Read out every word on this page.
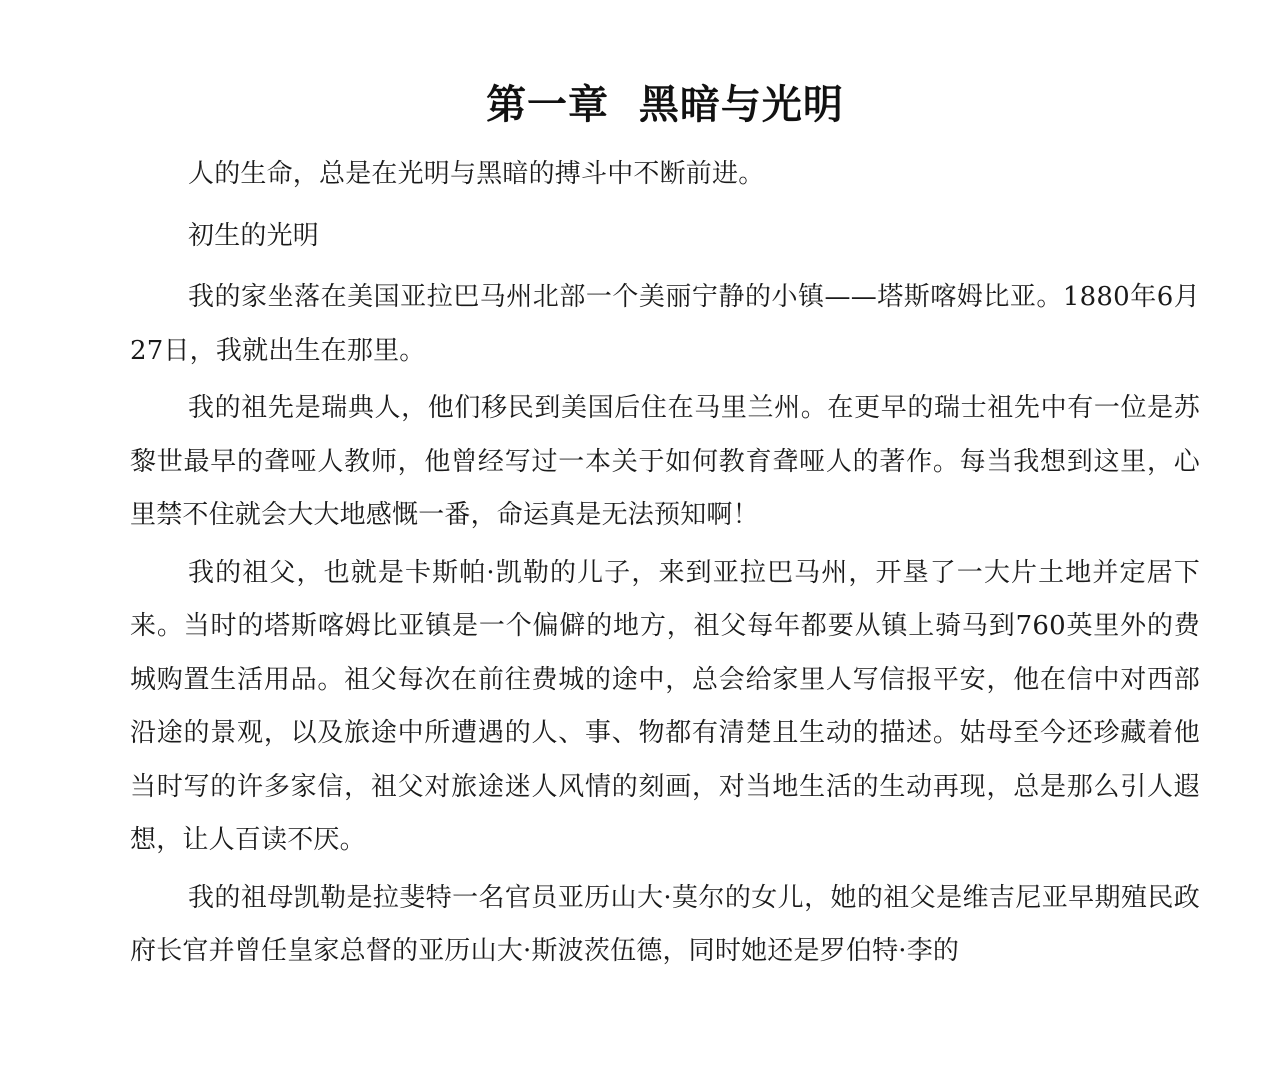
第一章  黑暗与光明

人的生命，总是在光明与黑暗的搏斗中不断前进。

初生的光明

我的家坐落在美国亚拉巴马州北部一个美丽宁静的小镇——塔斯喀姆比亚。1880年6月27日，我就出生在那里。

我的祖先是瑞典人，他们移民到美国后住在马里兰州。在更早的瑞士祖先中有一位是苏黎世最早的聋哑人教师，他曾经写过一本关于如何教育聋哑人的著作。每当我想到这里，心里禁不住就会大大地感慨一番，命运真是无法预知啊！

我的祖父，也就是卡斯帕·凯勒的儿子，来到亚拉巴马州，开垦了一大片土地并定居下来。当时的塔斯喀姆比亚镇是一个偏僻的地方，祖父每年都要从镇上骑马到760英里外的费城购置生活用品。祖父每次在前往费城的途中，总会给家里人写信报平安，他在信中对西部沿途的景观，以及旅途中所遭遇的人、事、物都有清楚且生动的描述。姑母至今还珍藏着他当时写的许多家信，祖父对旅途迷人风情的刻画，对当地生活的生动再现，总是那么引人遐想，让人百读不厌。

我的祖母凯勒是拉斐特一名官员亚历山大·莫尔的女儿，她的祖父是维吉尼亚早期殖民政府长官并曾任皇家总督的亚历山大·斯波茨伍德，同时她还是罗伯特·李的
